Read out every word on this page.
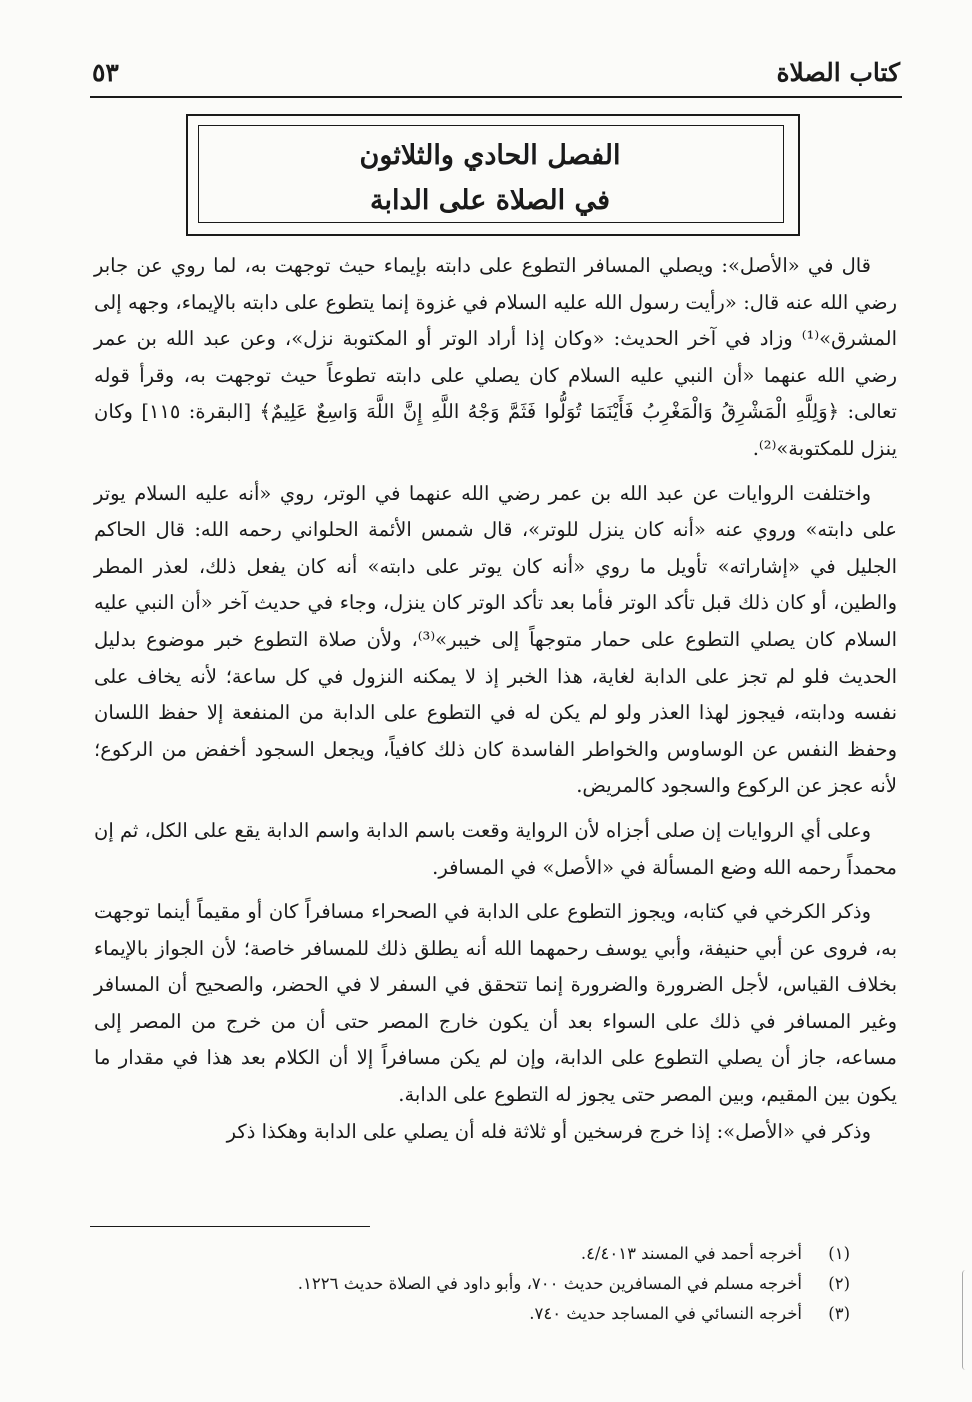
كتاب الصلاة
٥٣
الفصل الحادي والثلاثون
في الصلاة على الدابة

قال في «الأصل»: ويصلي المسافر التطوع على دابته بإيماء حيث توجهت به، لما روي عن جابر رضي الله عنه قال: «رأيت رسول الله عليه السلام في غزوة إنما يتطوع على دابته بالإيماء، وجهه إلى المشرق»⁽¹⁾ وزاد في آخر الحديث: «وكان إذا أراد الوتر أو المكتوبة نزل»، وعن عبد الله بن عمر رضي الله عنهما «أن النبي عليه السلام كان يصلي على دابته تطوعاً حيث توجهت به، وقرأ قوله تعالى: ﴿وَلِلَّهِ الْمَشْرِقُ وَالْمَغْرِبُ فَأَيْنَمَا تُوَلُّوا فَثَمَّ وَجْهُ اللَّهِ إِنَّ اللَّهَ وَاسِعٌ عَلِيمٌ﴾ [البقرة: ١١٥] وكان ينزل للمكتوبة»⁽²⁾.

واختلفت الروايات عن عبد الله بن عمر رضي الله عنهما في الوتر، روي «أنه عليه السلام يوتر على دابته» وروي عنه «أنه كان ينزل للوتر»، قال شمس الأئمة الحلواني رحمه الله: قال الحاكم الجليل في «إشاراته» تأويل ما روي «أنه كان يوتر على دابته» أنه كان يفعل ذلك، لعذر المطر والطين، أو كان ذلك قبل تأكد الوتر فأما بعد تأكد الوتر كان ينزل، وجاء في حديث آخر «أن النبي عليه السلام كان يصلي التطوع على حمار متوجهاً إلى خيبر»⁽³⁾، ولأن صلاة التطوع خبر موضوع بدليل الحديث فلو لم تجز على الدابة لغاية، هذا الخبر إذ لا يمكنه النزول في كل ساعة؛ لأنه يخاف على نفسه ودابته، فيجوز لهذا العذر ولو لم يكن له في التطوع على الدابة من المنفعة إلا حفظ اللسان وحفظ النفس عن الوساوس والخواطر الفاسدة كان ذلك كافياً، ويجعل السجود أخفض من الركوع؛ لأنه عجز عن الركوع والسجود كالمريض.

وعلى أي الروايات إن صلى أجزاه لأن الرواية وقعت باسم الدابة واسم الدابة يقع على الكل، ثم إن محمداً رحمه الله وضع المسألة في «الأصل» في المسافر.

وذكر الكرخي في كتابه، ويجوز التطوع على الدابة في الصحراء مسافراً كان أو مقيماً أينما توجهت به، فروى عن أبي حنيفة، وأبي يوسف رحمهما الله أنه يطلق ذلك للمسافر خاصة؛ لأن الجواز بالإيماء بخلاف القياس، لأجل الضرورة والضرورة إنما تتحقق في السفر لا في الحضر، والصحيح أن المسافر وغير المسافر في ذلك على السواء بعد أن يكون خارج المصر حتى أن من خرج من المصر إلى مساعه، جاز أن يصلي التطوع على الدابة، وإن لم يكن مسافراً إلا أن الكلام بعد هذا في مقدار ما يكون بين المقيم، وبين المصر حتى يجوز له التطوع على الدابة.

وذكر في «الأصل»: إذا خرج فرسخين أو ثلاثة فله أن يصلي على الدابة وهكذا ذكر

(١)أخرجه أحمد في المسند ٤/٤٠١٣.
(٢)أخرجه مسلم في المسافرين حديث ٧٠٠، وأبو داود في الصلاة حديث ١٢٢٦.
(٣)أخرجه النسائي في المساجد حديث ٧٤٠.
